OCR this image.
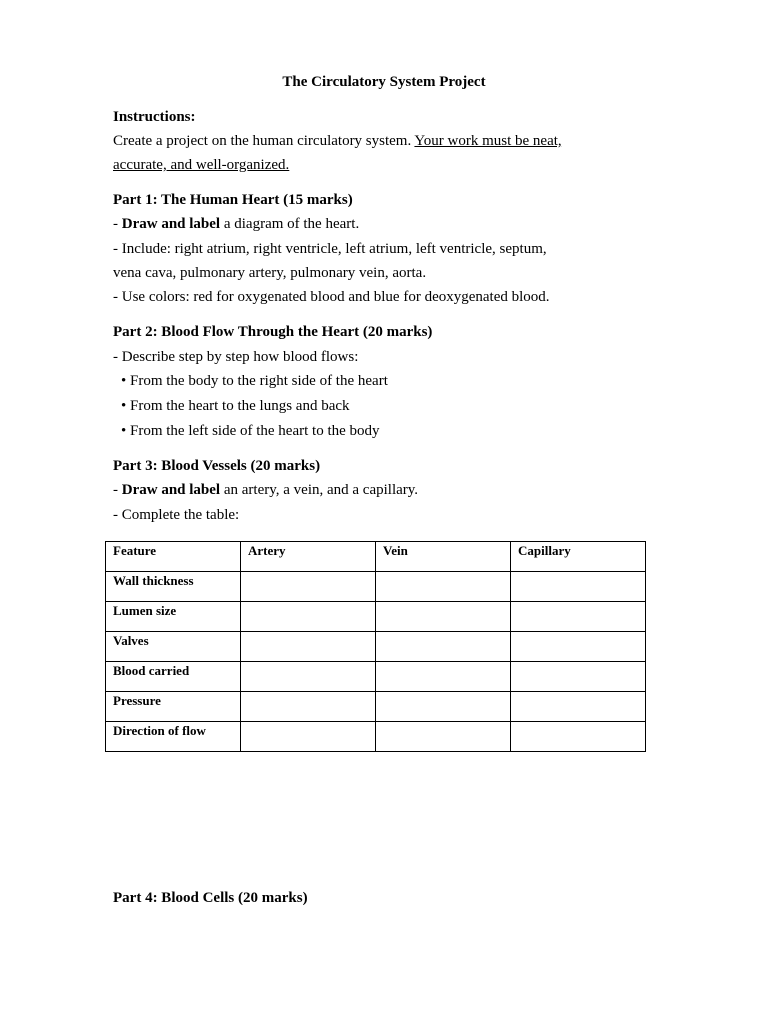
The Circulatory System Project
Instructions:
Create a project on the human circulatory system. Your work must be neat,
accurate, and well-organized.
Part 1: The Human Heart (15 marks)
- Draw and label a diagram of the heart.
- Include: right atrium, right ventricle, left atrium, left ventricle, septum,
vena cava, pulmonary artery, pulmonary vein, aorta.
- Use colors: red for oxygenated blood and blue for deoxygenated blood.
Part 2: Blood Flow Through the Heart (20 marks)
- Describe step by step how blood flows:
• From the body to the right side of the heart
• From the heart to the lungs and back
• From the left side of the heart to the body
Part 3: Blood Vessels (20 marks)
- Draw and label an artery, a vein, and a capillary.
- Complete the table:
Feature	Artery	Vein	Capillary

Wall thickness			

Lumen size			

Valves			

Blood carried			

Pressure			

Direction of flow			

Part 4: Blood Cells (20 marks)
